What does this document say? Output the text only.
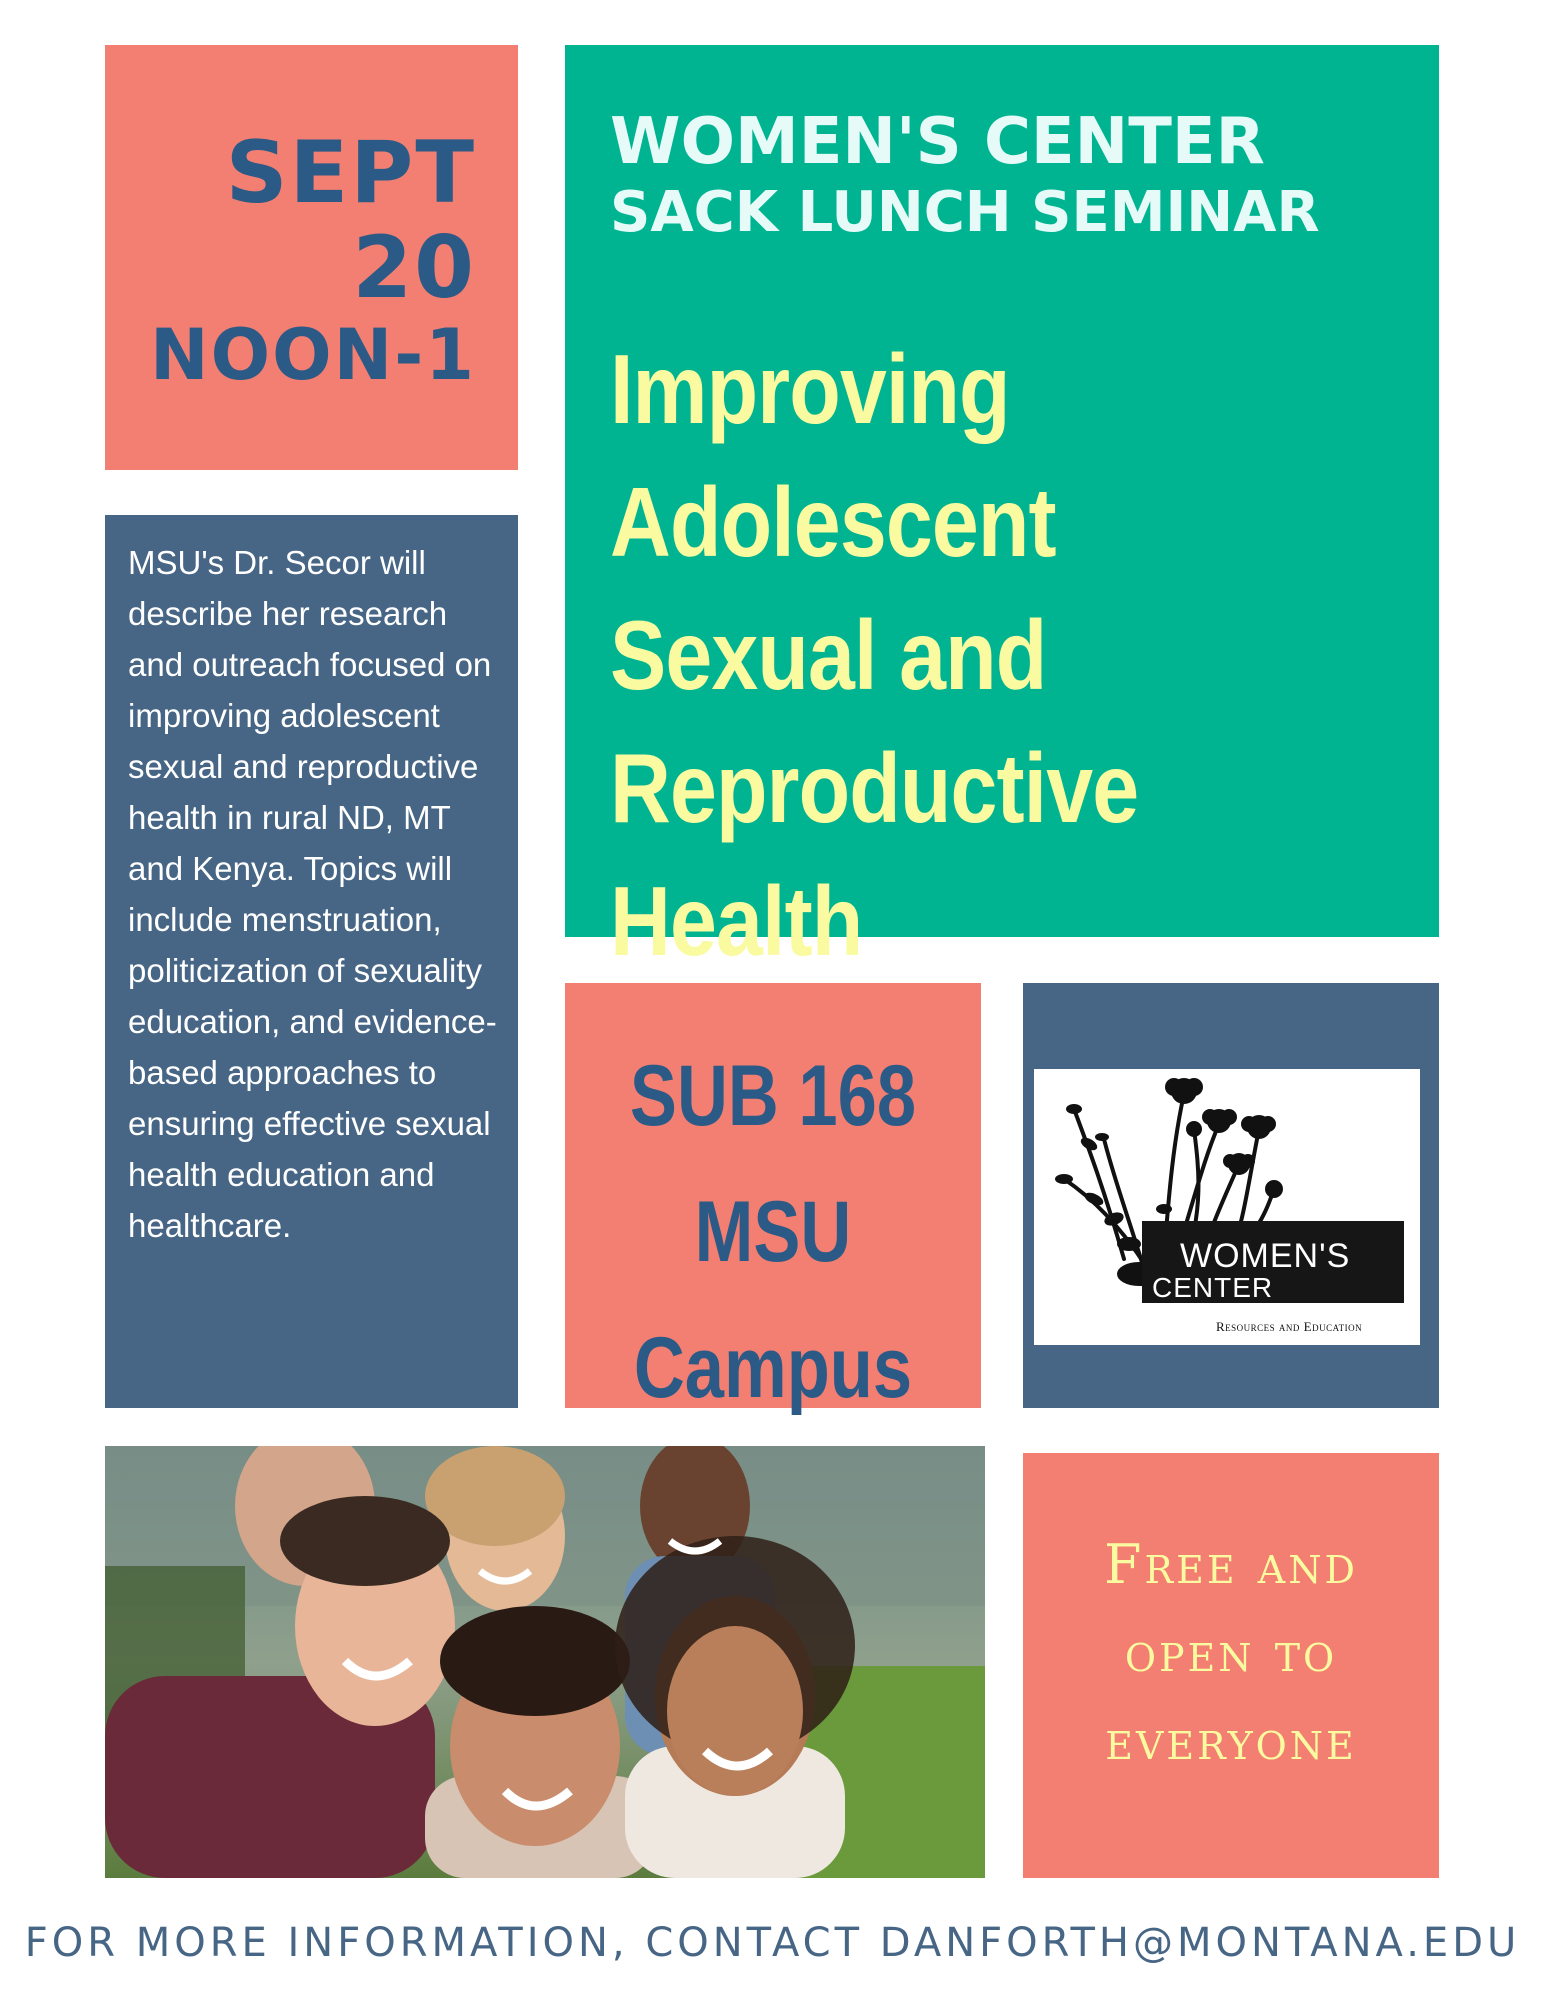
SEPT

20

NOON-1

WOMEN'S CENTER

SACK LUNCH SEMINAR

Improving Adolescent Sexual and Reproductive Health

MSU's Dr. Secor will describe her research and outreach focused on improving adolescent sexual and reproductive health in rural ND, MT and Kenya. Topics will include menstruation, politicization of sexuality education, and evidence-based approaches to ensuring effective sexual health education and healthcare.

SUB 168
MSU
Campus

WOMEN'S
CENTER
Resources and Education

Free and
open to
everyone

FOR MORE INFORMATION, CONTACT DANFORTH@MONTANA.EDU
